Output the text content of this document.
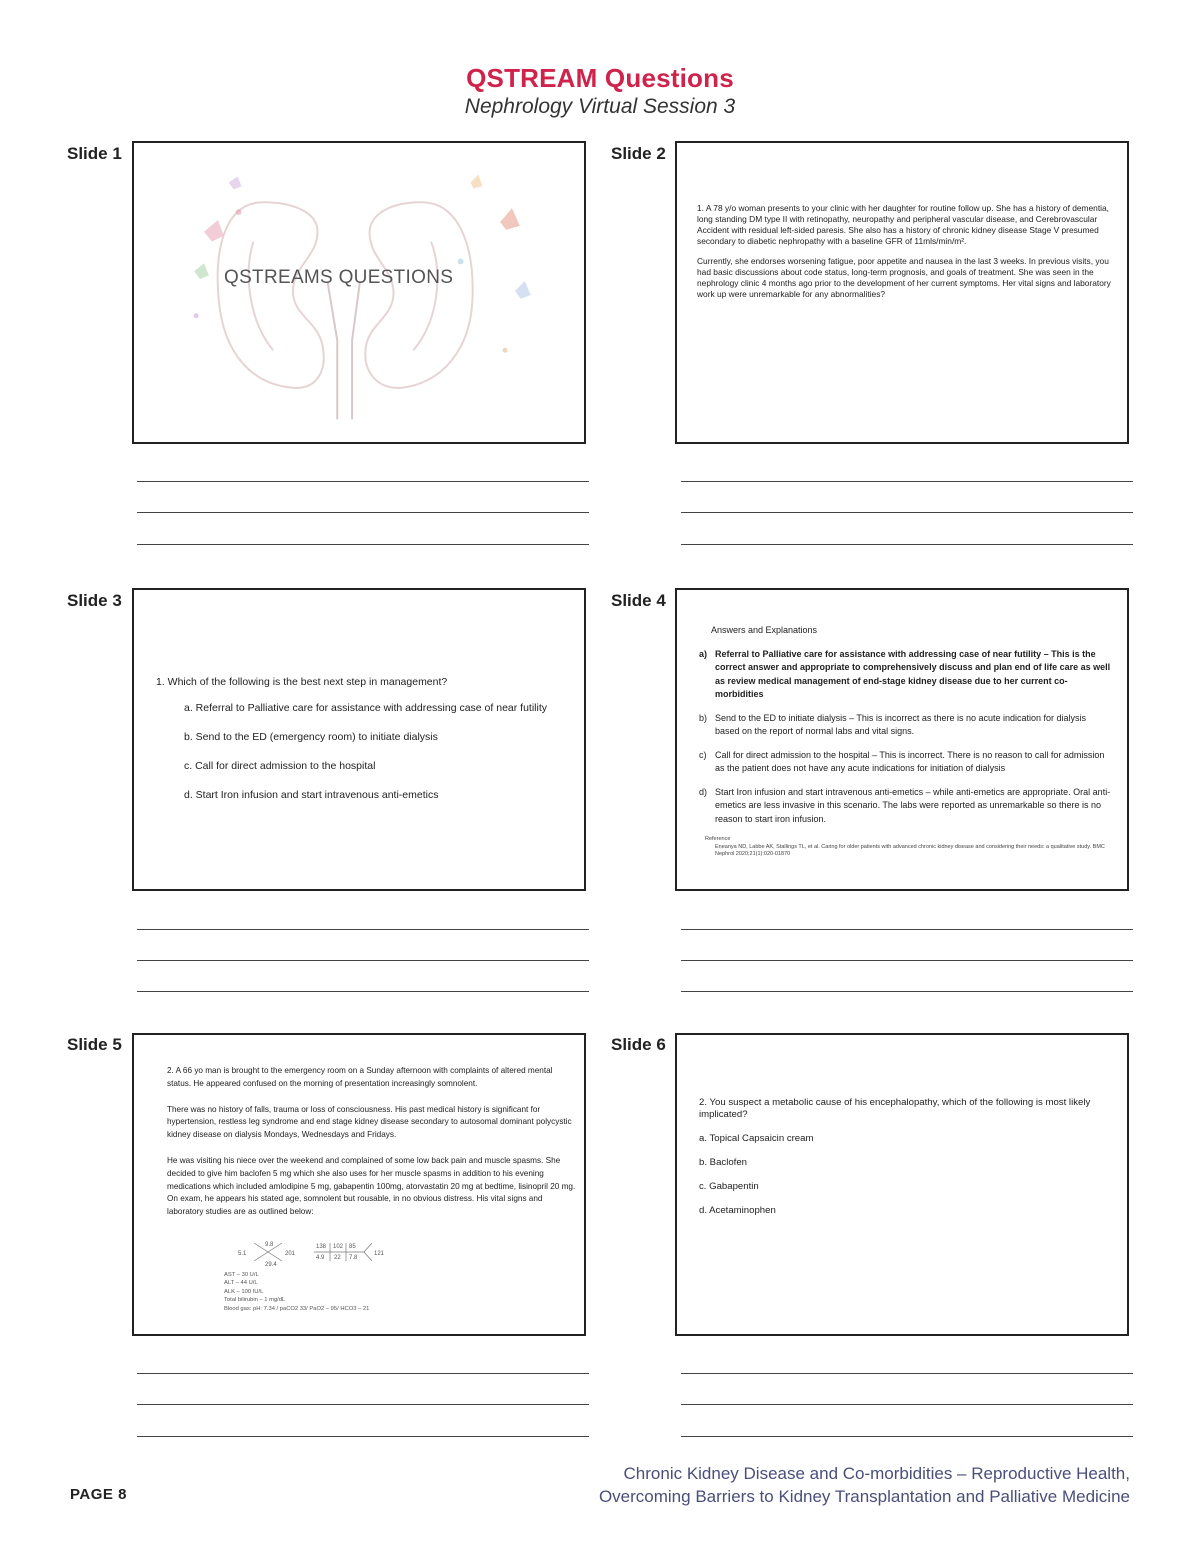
QSTREAM Questions
Nephrology Virtual Session 3
Slide 1
QSTREAMS QUESTIONS
Slide 2

1. A 78 y/o woman presents to your clinic with her daughter for routine follow up. She has a history of dementia, long standing DM type II with retinopathy, neuropathy and peripheral vascular disease, and Cerebrovascular Accident with residual left-sided paresis. She also has a history of chronic kidney disease Stage V presumed secondary to diabetic nephropathy with a baseline GFR of 11mls/min/m².

Currently, she endorses worsening fatigue, poor appetite and nausea in the last 3 weeks. In previous visits, you had basic discussions about code status, long-term prognosis, and goals of treatment. She was seen in the nephrology clinic 4 months ago prior to the development of her current symptoms. Her vital signs and laboratory work up were unremarkable for any abnormalities?

Slide 3
1. Which of the following is the best next step in management?
a. Referral to Palliative care for assistance with addressing case of near futility
b. Send to the ED (emergency room) to initiate dialysis
c. Call for direct admission to the hospital
d. Start Iron infusion and start intravenous anti-emetics
Slide 4
Answers and Explanations
a) Referral to Palliative care for assistance with addressing case of near futility – This is the correct answer and appropriate to comprehensively discuss and plan end of life care as well as review medical management of end-stage kidney disease due to her current co-morbidities
b) Send to the ED to initiate dialysis – This is incorrect as there is no acute indication for dialysis based on the report of normal labs and vital signs.
c) Call for direct admission to the hospital – This is incorrect. There is no reason to call for admission as the patient does not have any acute indications for initiation of dialysis
d) Start Iron infusion and start intravenous anti-emetics – while anti-emetics are appropriate. Oral anti-emetics are less invasive in this scenario. The labs were reported as unremarkable so there is no reason to start iron infusion.
Reference
Eneanya ND, Labbe AK, Stallings TL, et al. Caring for older patients with advanced chronic kidney disease and considering their needs: a qualitative study. BMC Nephrol 2020;21(1):020-01870
Slide 5

2. A 66 yo man is brought to the emergency room on a Sunday afternoon with complaints of altered mental status. He appeared confused on the morning of presentation increasingly somnolent.

There was no history of falls, trauma or loss of consciousness. His past medical history is significant for hypertension, restless leg syndrome and end stage kidney disease secondary to autosomal dominant polycystic kidney disease on dialysis Mondays, Wednesdays and Fridays.

He was visiting his niece over the weekend and complained of some low back pain and muscle spasms. She decided to give him baclofen 5 mg which she also uses for her muscle spasms in addition to his evening medications which included amlodipine 5 mg, gabapentin 100mg, atorvastatin 20 mg at bedtime, lisinopril 20 mg. On exam, he appears his stated age, somnolent but rousable, in no obvious distress. His vital signs and laboratory studies are as outlined below:

9.8
5.1	201
29.4
138 102 85
4.9 22 7.8
121
AST – 30 U/L
ALT – 44 U/L
ALK – 100 IU/L
Total bilirubin – 1 mg/dL
Blood gas: pH: 7.34 / paCO2 33/ PaO2 – 95/ HCO3 – 21
Slide 6
2. You suspect a metabolic cause of his encephalopathy, which of the following is most likely implicated?
a. Topical Capsaicin cream
b. Baclofen
c. Gabapentin
d. Acetaminophen
PAGE 8
Chronic Kidney Disease and Co-morbidities – Reproductive Health,
Overcoming Barriers to Kidney Transplantation and Palliative Medicine
